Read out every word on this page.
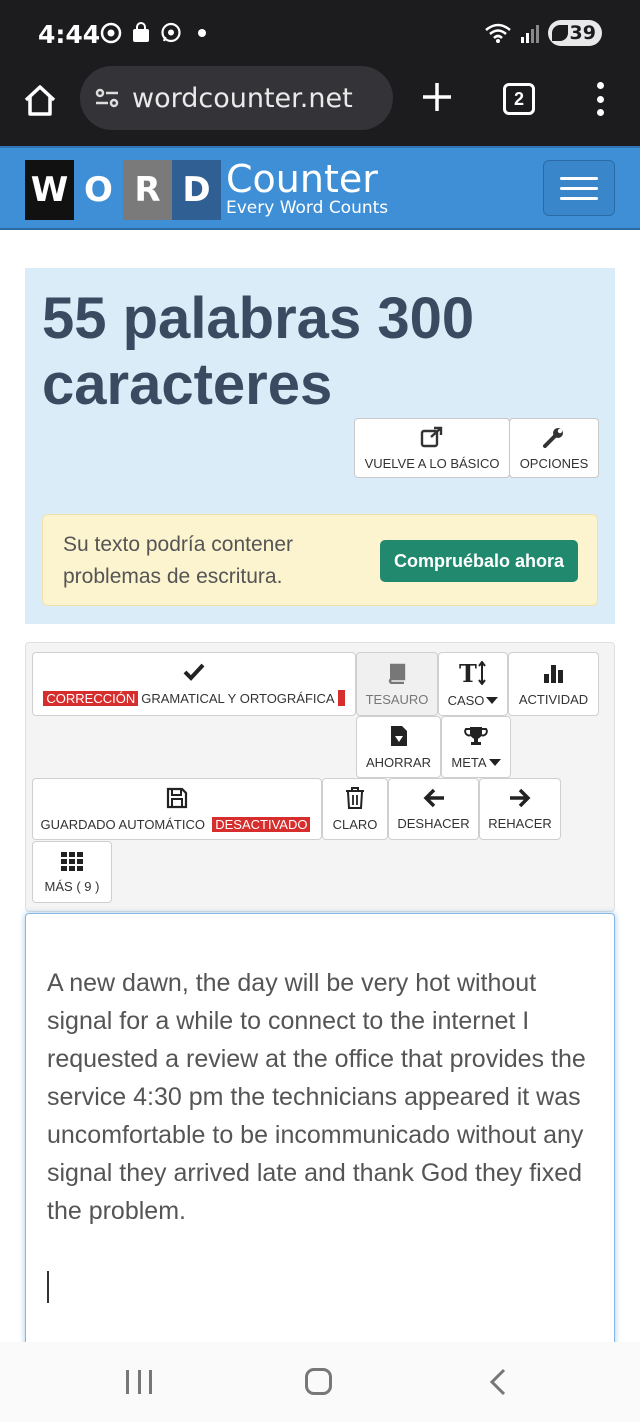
4:44	39
wordcounter.net	2
W O R D Counter
Every Word Counts
55 palabras 300 caracteres
VUELVE A LO BÁSICO OPCIONES
Su texto podría contener problemas de escritura.
Compruébalo ahora
CORRECCIÓN GRAMATICAL Y ORTOGRÁFICA TESAURO
T
CASO	ACTIVIDAD
AHORRAR META
GUARDADO AUTOMÁTICO
DESACTIVADO CLARO DESHACER REHACER
MÁS ( 9 )
A new dawn, the day will be very hot without signal for a while to connect to the internet I requested a review at the office that provides the service 4:30 pm the technicians appeared it was uncomfortable to be incommunicado without any signal they arrived late and thank God they fixed the problem.
